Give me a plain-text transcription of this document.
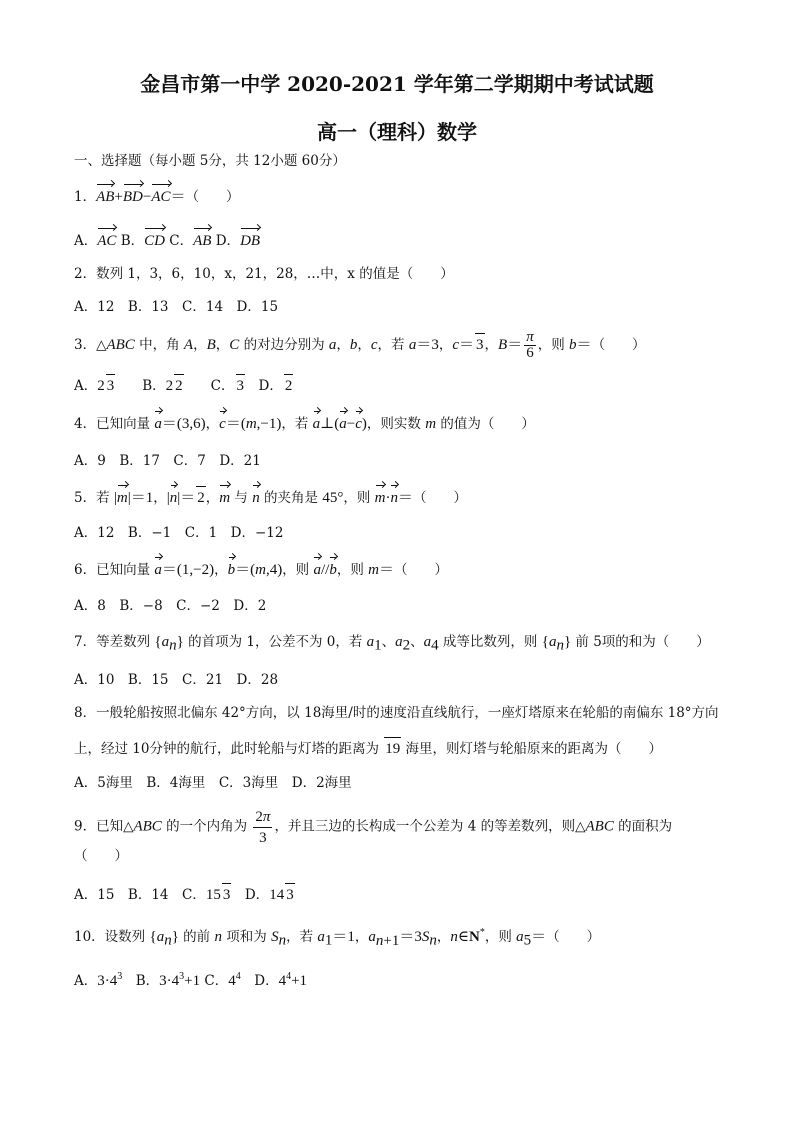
金昌市第一中学 2020-2021 学年第二学期期中考试试题
高一（理科）数学
一、选择题（每小题 5分，共 12小题 60分）
1．AB+BD−AC＝（　　）
A．AC B．CD C．AB D．DB
2．数列 1，3，6，10，x，21，28，…中，x 的值是（　　）
A．12　B．13　C．14　D．15
3．△ABC 中，角 A，B，C 的对边分别为 a，b，c，若 a＝3，c＝ 3，$B= \frac{\pi}{6}$ ，则 b＝（　　）
A．2 3　　B．2 2　　C． 3　D． 2
4．已知向量 a＝(3,6)，c＝(m,−1)，若 a⊥(a−c)，则实数 m 的值为（　　）
A．9　B．17　C．7　D．21
5．若 |m|＝1，|n|＝ 2，m 与 n 的夹角是 45°，则 m·n＝（　　）
A．12　B．−1　C．1　D．−12
6．已知向量 a＝(1,−2)，b＝(m,4)，则 a//b，则 m＝（　　）
A．8　B．−8　C．−2　D．2
7．等差数列 $\{a_n\}$ 的首项为 1，公差不为 0，若 $a_1$、$a_2$、$a_4$ 成等比数列，则 $\{a_n\}$ 前 5项的和为（　　）
A．10　B．15　C．21　D．28
8．一般轮船按照北偏东 42°方向，以 18海里/时的速度沿直线航行，一座灯塔原来在轮船的南偏东 18°方向
上，经过 10分钟的航行，此时轮船与灯塔的距离为 19 海里，则灯塔与轮船原来的距离为（　　）
A．5海里　B．4海里　C．3海里　D．2海里
9．已知△ABC 的一个内角为 $\frac{2\pi}{3}$ ，并且三边的长构成一个公差为 4 的等差数列，则△ABC 的面积为
（　　）
A．15　B．14　C．15 3　D．14 3
10．设数列 $\{a_n\}$ 的前 n 项和为 $S_n$，若 $a_1=1$，$a_{n+1}=3S_n$，n∈N*，则 $a_5=$（　　）
A．$3\cdot 4^3$　B．$3\cdot 4^3+1$ C．$4^4$　D．$4^4+1$
